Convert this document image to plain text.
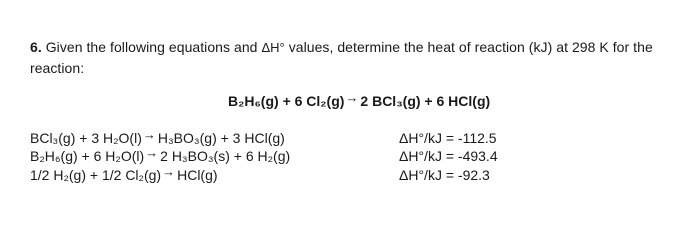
6. Given the following equations and ΔH° values, determine the heat of reaction (kJ) at 298 K for the reaction:
B₂H₆(g) + 6 Cl₂(g)→ 2 BCl₃(g) + 6 HCl(g)
BCl₃(g) + 3 H₂O(l)→ H₃BO₃(g) + 3 HCl(g)	ΔH°/kJ = -112.5
B₂H₆(g) + 6 H₂O(l)→ 2 H₃BO₃(s) + 6 H₂(g)	ΔH°/kJ = -493.4
1/2 H₂(g) + 1/2 Cl₂(g)→ HCl(g)	ΔH°/kJ = -92.3
